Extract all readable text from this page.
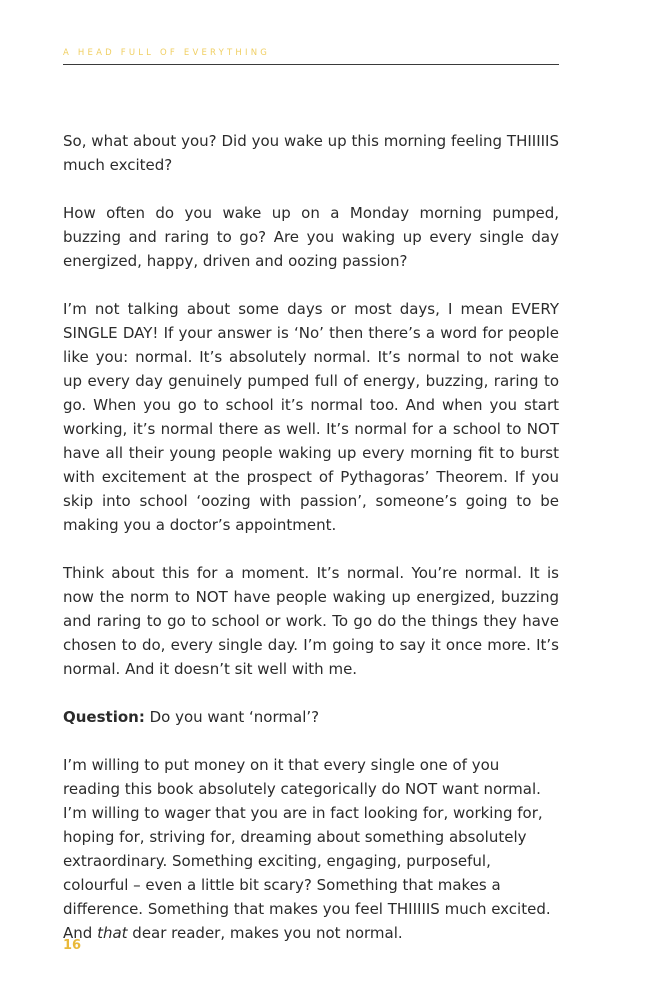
A HEAD FULL OF EVERYTHING

So, what about you? Did you wake up this morning feeling THIIIIIS much excited?

How often do you wake up on a Monday morning pumped, buzzing and raring to go? Are you waking up every single day energized, happy, driven and oozing passion?

I’m not talking about some days or most days, I mean EVERY SINGLE DAY! If your answer is ‘No’ then there’s a word for people like you: normal. It’s absolutely normal. It’s normal to not wake up every day genuinely pumped full of energy, buzzing, raring to go. When you go to school it’s normal too. And when you start working, it’s normal there as well. It’s normal for a school to NOT have all their young people waking up every morning fit to burst with excitement at the prospect of Pythagoras’ Theorem. If you skip into school ‘oozing with passion’, someone’s going to be making you a doctor’s appointment.

Think about this for a moment. It’s normal. You’re normal. It is now the norm to NOT have people waking up energized, buzzing and raring to go to school or work. To go do the things they have chosen to do, every single day. I’m going to say it once more. It’s normal. And it doesn’t sit well with me.

Question: Do you want ‘normal’?

I’m willing to put money on it that every single one of you reading this book absolutely categorically do NOT want normal. I’m willing to wager that you are in fact looking for, working for, hoping for, striving for, dreaming about something absolutely extraordinary. Something exciting, engaging, purposeful, colourful – even a little bit scary? Something that makes a difference. Something that makes you feel THIIIIIS much excited. And that dear reader, makes you not normal.

16
